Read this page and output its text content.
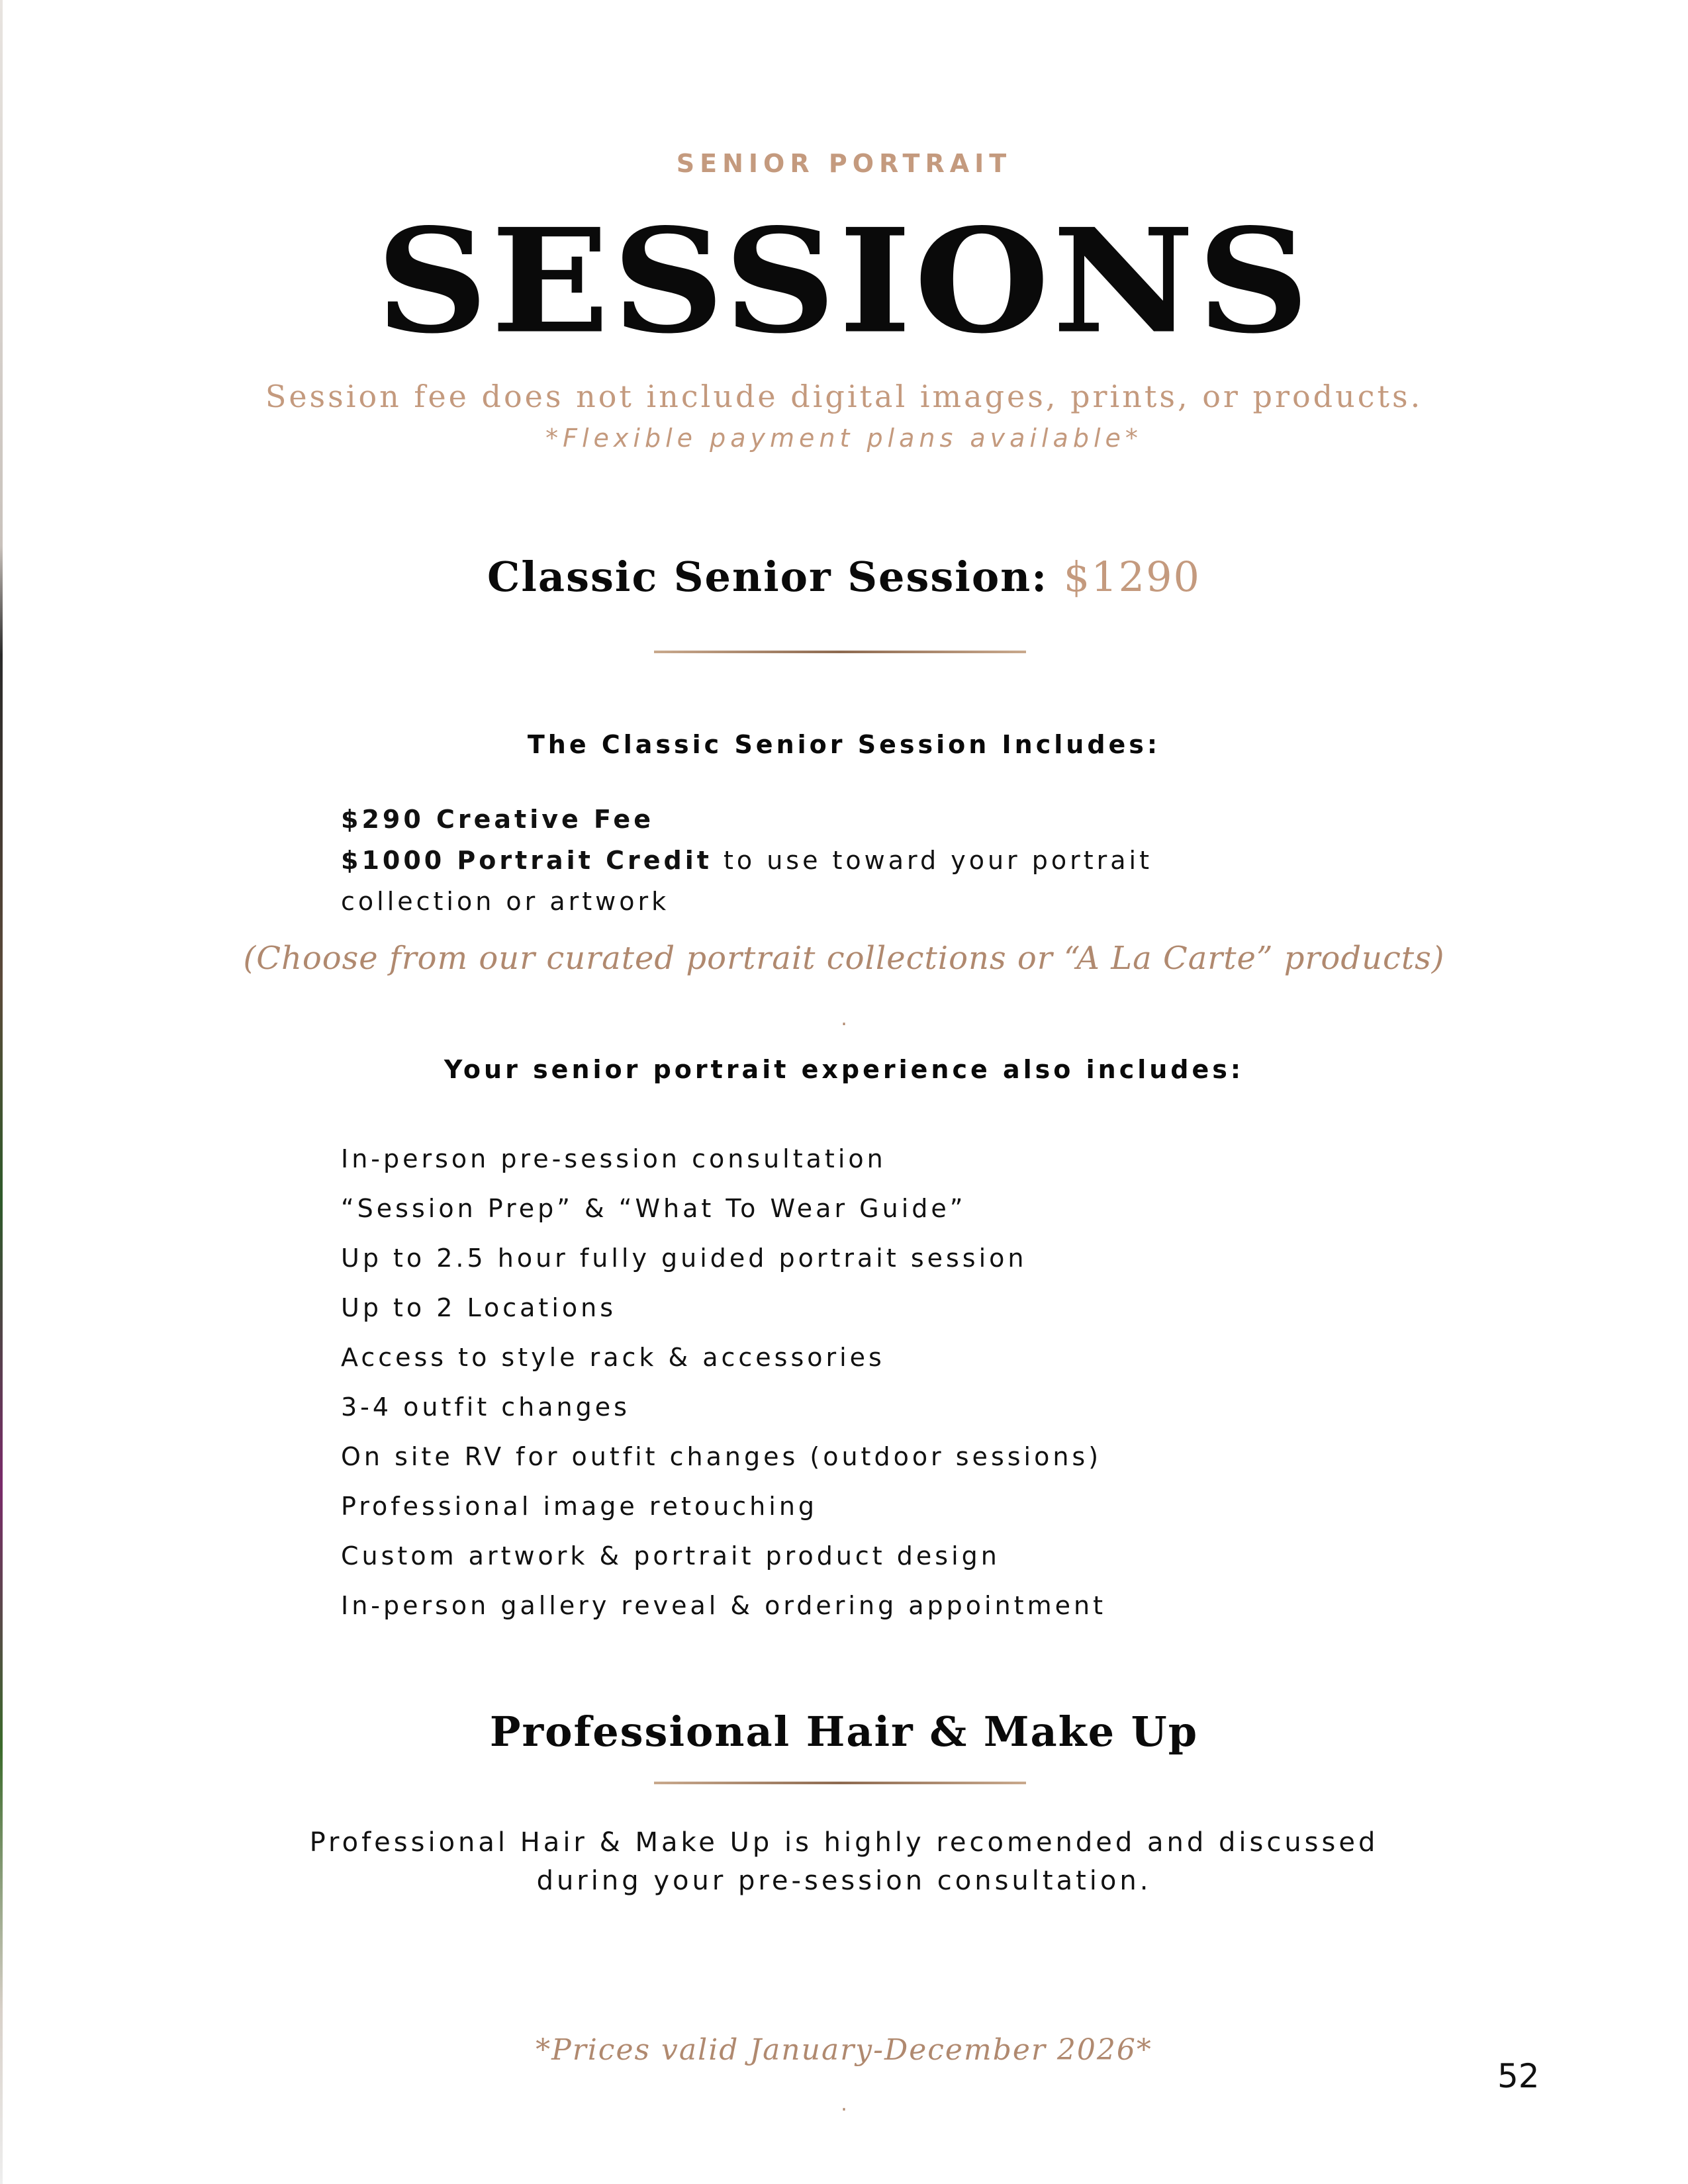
SENIOR PORTRAIT
SESSIONS
Session fee does not include digital images, prints, or products.
*Flexible payment plans available*
Classic Senior Session: $1290
The Classic Senior Session Includes:
$290 Creative Fee
$1000 Portrait Credit to use toward your portrait
collection or artwork
(Choose from our curated portrait collections or “A La Carte” products)
.
Your senior portrait experience also includes:
In-person pre-session consultation
“Session Prep” & “What To Wear Guide”
Up to 2.5 hour fully guided portrait session
Up to 2 Locations
Access to style rack & accessories
3-4 outfit changes
On site RV for outfit changes (outdoor sessions)
Professional image retouching
Custom artwork & portrait product design
In-person gallery reveal & ordering appointment
Professional Hair & Make Up
Professional Hair & Make Up is highly recomended and discussed
during your pre-session consultation.
*Prices valid January-December 2026*
.
52
